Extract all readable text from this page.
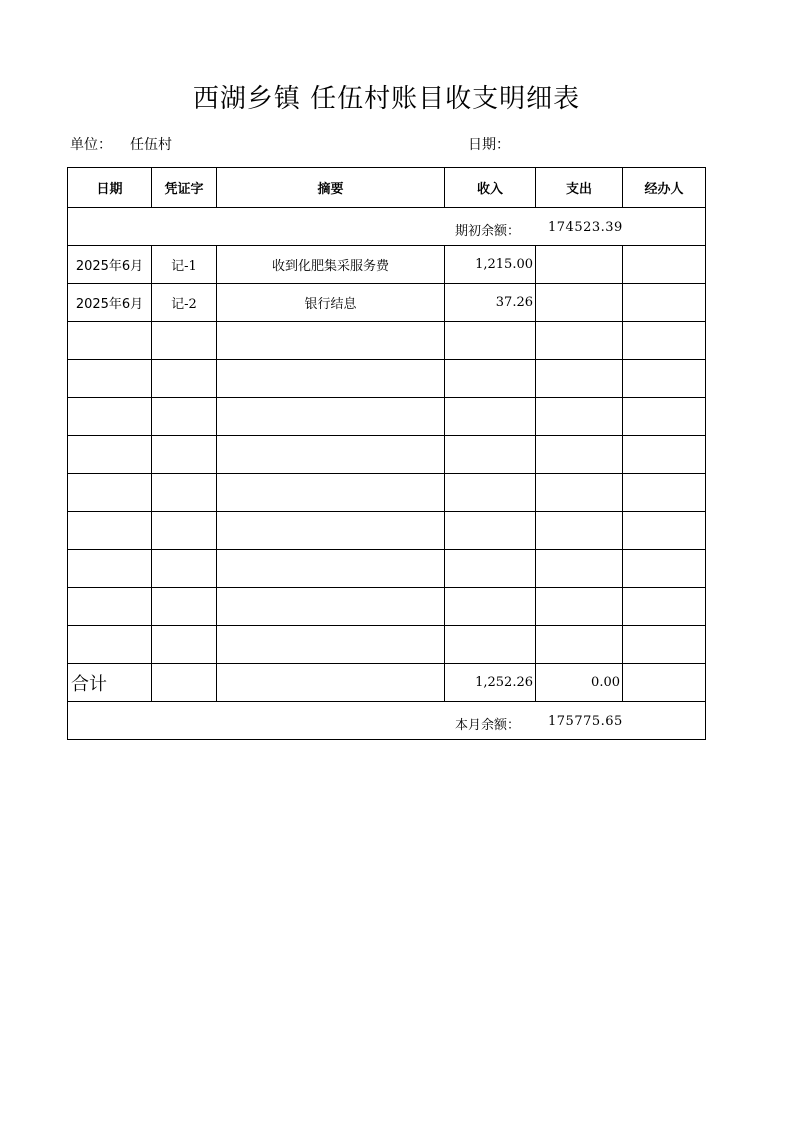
西湖乡镇 任伍村账目收支明细表
单位： 任伍村	日期：
日期	凭证字	摘要	收入	支出	经办人

期初余额： 174523.39					

2025年6月	记-1	收到化肥集采服务费	1,215.00		
2025年6月	记-2	银行结息	37.26		

合计			1,252.26	0.00	

本月余额： 175775.65					
